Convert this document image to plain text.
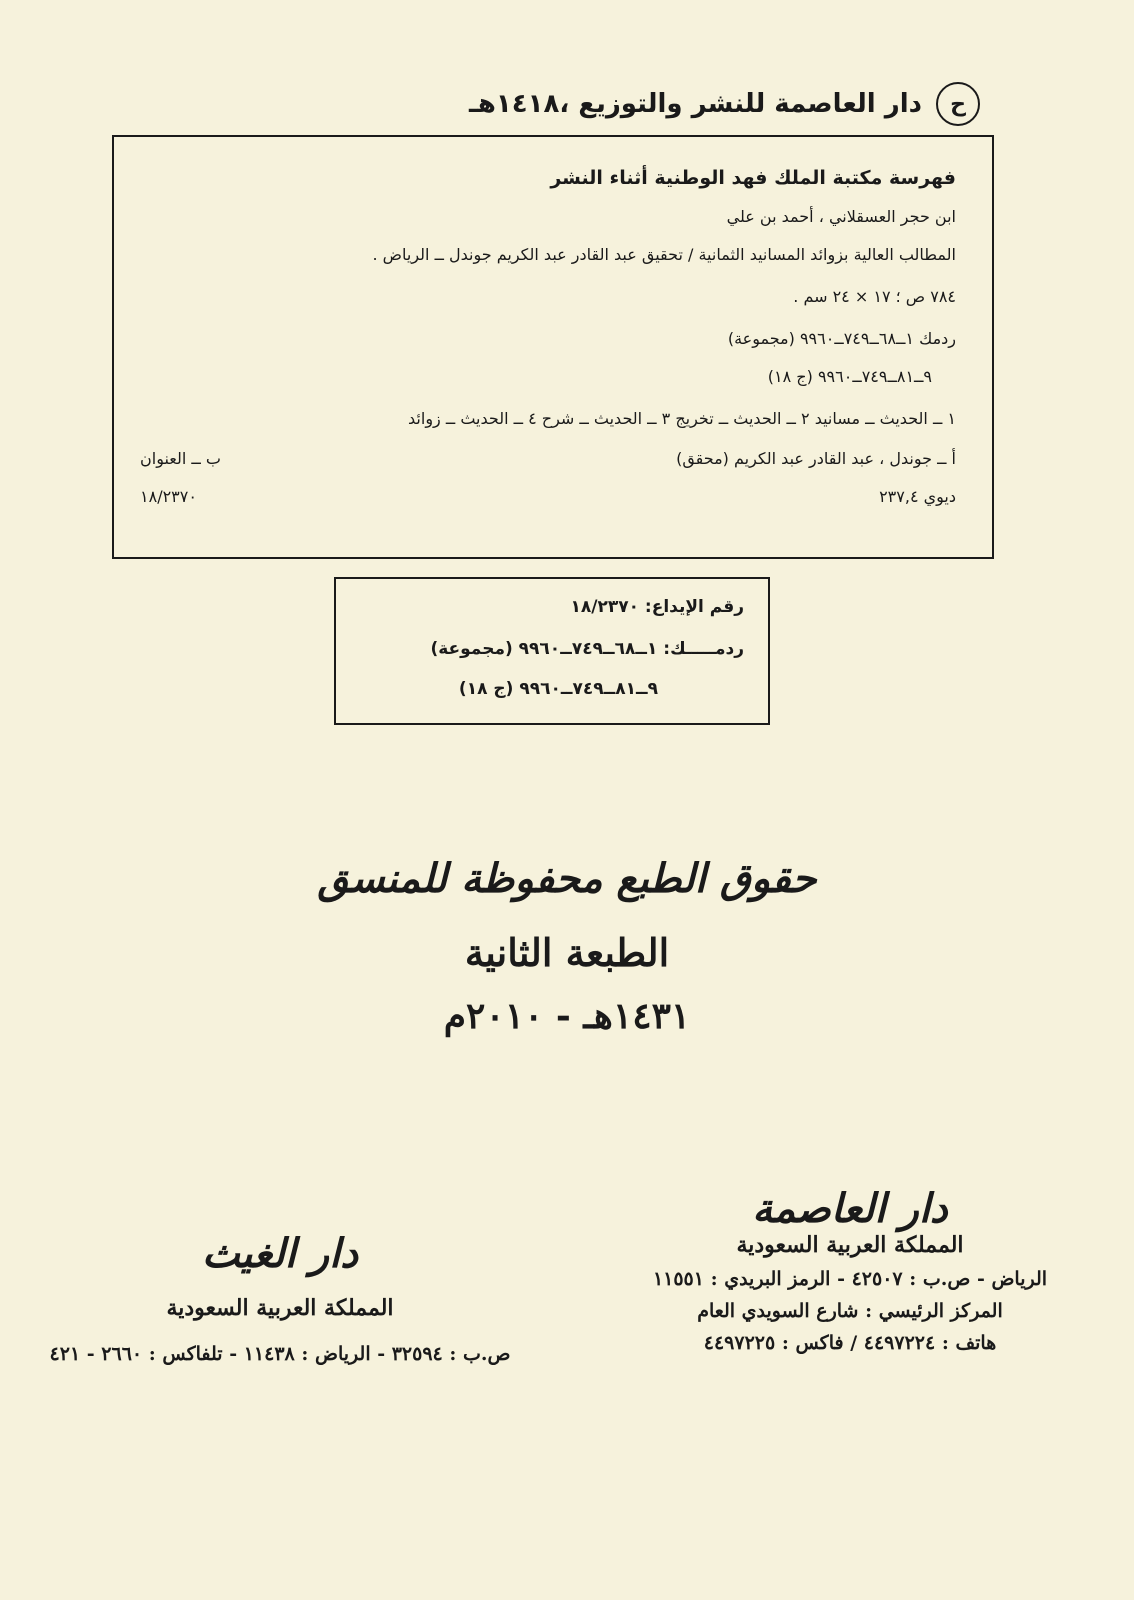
ح
دار العاصمة للنشر والتوزيع ،١٤١٨هـ
فهرسة مكتبة الملك فهد الوطنية أثناء النشر
ابن حجر العسقلاني ، أحمد بن علي
المطالب العالية بزوائد المسانيد الثمانية / تحقيق عبد القادر عبد الكريم جوندل ــ الرياض .
٧٨٤ ص ؛ ١٧ × ٢٤ سم .
ردمك ١ــ٦٨ــ٧٤٩ــ٩٩٦٠ (مجموعة)
٩ــ٨١ــ٧٤٩ــ٩٩٦٠ (ج ١٨)
١ ــ الحديث ــ مسانيد ٢ ــ الحديث ــ تخريج ٣ ــ الحديث ــ شرح ٤ ــ الحديث ــ زوائد
أ ــ جوندل ، عبد القادر عبد الكريم (محقق)
ب ــ العنوان
ديوي ٢٣٧,٤
١٨/٢٣٧٠
رقم الإيداع: ١٨/٢٣٧٠
ردمـــــك: ١ــ٦٨ــ٧٤٩ــ٩٩٦٠ (مجموعة)
٩ــ٨١ــ٧٤٩ــ٩٩٦٠ (ج ١٨)
حقوق الطبع محفوظة للمنسق
الطبعة الثانية
١٤٣١هـ - ٢٠١٠م
دار العاصمة
المملكة العربية السعودية
الرياض - ص.ب : ٤٢٥٠٧ - الرمز البريدي : ١١٥٥١
المركز الرئيسي : شارع السويدي العام
هاتف : ٤٤٩٧٢٢٤ / فاكس : ٤٤٩٧٢٢٥
دار الغيث
المملكة العربية السعودية
ص.ب : ٣٢٥٩٤ - الرياض : ١١٤٣٨ - تلفاكس : ٢٦٦٠ - ٤٢١
